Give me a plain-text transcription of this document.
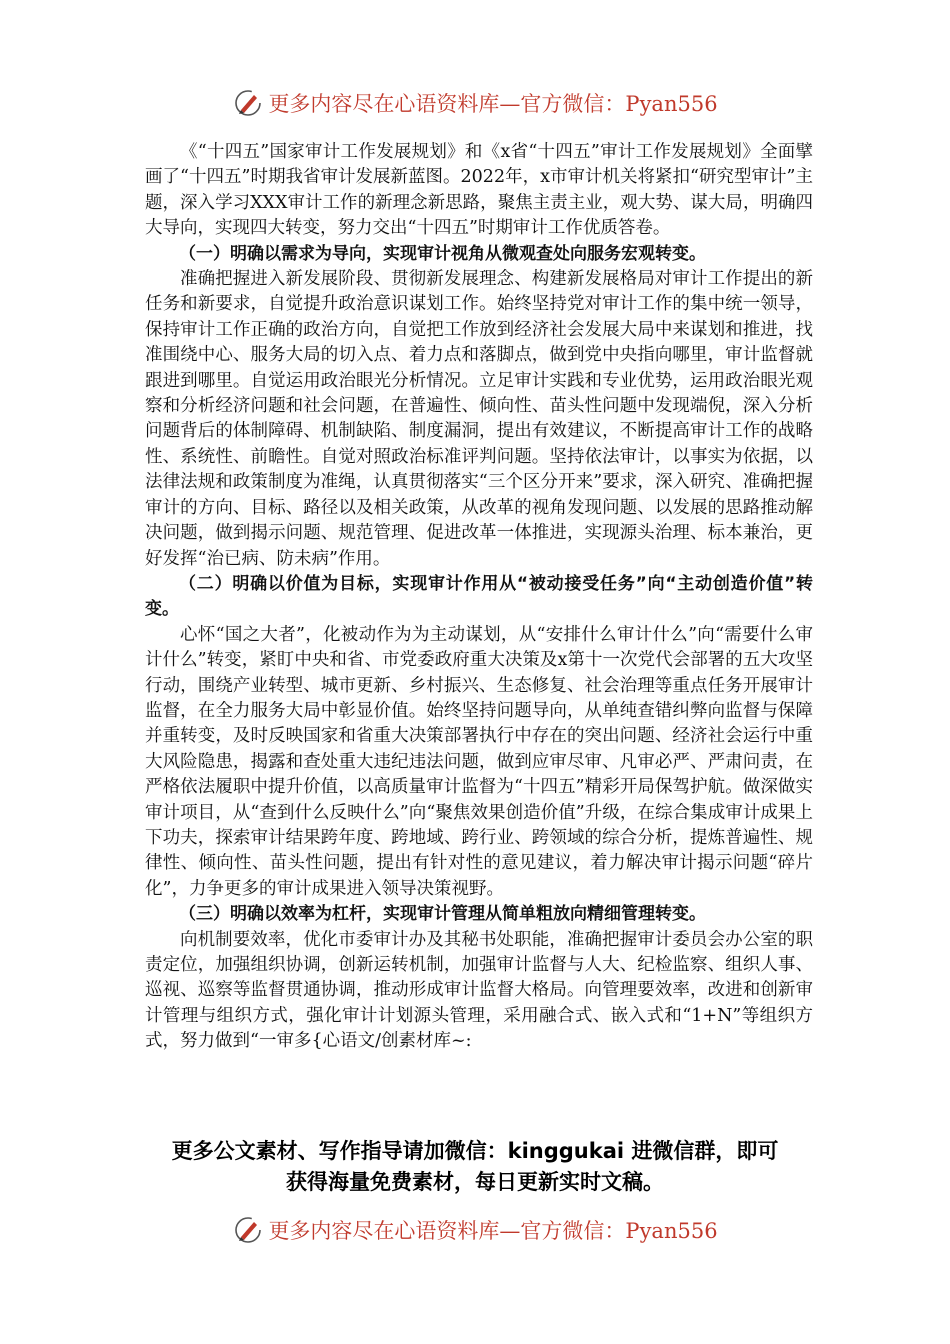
更多内容尽在心语资料库—官方微信：Pyan556

《“十四五”国家审计工作发展规划》和《x省“十四五”审计工作发展规划》全面擘画了“十四五”时期我省审计发展新蓝图。2022年，x市审计机关将紧扣“研究型审计”主题，深入学习XXX审计工作的新理念新思路，聚焦主责主业，观大势、谋大局，明确四大导向，实现四大转变，努力交出“十四五”时期审计工作优质答卷。

（一）明确以需求为导向，实现审计视角从微观查处向服务宏观转变。

准确把握进入新发展阶段、贯彻新发展理念、构建新发展格局对审计工作提出的新任务和新要求，自觉提升政治意识谋划工作。始终坚持党对审计工作的集中统一领导，保持审计工作正确的政治方向，自觉把工作放到经济社会发展大局中来谋划和推进，找准围绕中心、服务大局的切入点、着力点和落脚点，做到党中央指向哪里，审计监督就跟进到哪里。自觉运用政治眼光分析情况。立足审计实践和专业优势，运用政治眼光观察和分析经济问题和社会问题，在普遍性、倾向性、苗头性问题中发现端倪，深入分析问题背后的体制障碍、机制缺陷、制度漏洞，提出有效建议，不断提高审计工作的战略性、系统性、前瞻性。自觉对照政治标准评判问题。坚持依法审计，以事实为依据，以法律法规和政策制度为准绳，认真贯彻落实“三个区分开来”要求，深入研究、准确把握审计的方向、目标、路径以及相关政策，从改革的视角发现问题、以发展的思路推动解决问题，做到揭示问题、规范管理、促进改革一体推进，实现源头治理、标本兼治，更好发挥“治已病、防未病”作用。

（二）明确以价值为目标，实现审计作用从“被动接受任务”向“主动创造价值”转变。

心怀“国之大者”，化被动作为为主动谋划，从“安排什么审计什么”向“需要什么审计什么”转变，紧盯中央和省、市党委政府重大决策及x第十一次党代会部署的五大攻坚行动，围绕产业转型、城市更新、乡村振兴、生态修复、社会治理等重点任务开展审计监督，在全力服务大局中彰显价值。始终坚持问题导向，从单纯查错纠弊向监督与保障并重转变，及时反映国家和省重大决策部署执行中存在的突出问题、经济社会运行中重大风险隐患，揭露和查处重大违纪违法问题，做到应审尽审、凡审必严、严肃问责，在严格依法履职中提升价值，以高质量审计监督为“十四五”精彩开局保驾护航。做深做实审计项目，从“查到什么反映什么”向“聚焦效果创造价值”升级，在综合集成审计成果上下功夫，探索审计结果跨年度、跨地域、跨行业、跨领域的综合分析，提炼普遍性、规律性、倾向性、苗头性问题，提出有针对性的意见建议，着力解决审计揭示问题“碎片化”，力争更多的审计成果进入领导决策视野。

（三）明确以效率为杠杆，实现审计管理从简单粗放向精细管理转变。

向机制要效率，优化市委审计办及其秘书处职能，准确把握审计委员会办公室的职责定位，加强组织协调，创新运转机制，加强审计监督与人大、纪检监察、组织人事、巡视、巡察等监督贯通协调，推动形成审计监督大格局。向管理要效率，改进和创新审计管理与组织方式，强化审计计划源头管理，采用融合式、嵌入式和“1+N”等组织方式，努力做到“一审多{心语文/创素材库~:

更多公文素材、写作指导请加微信：kinggukai 进微信群，即可
获得海量免费素材，每日更新实时文稿。
更多内容尽在心语资料库—官方微信：Pyan556
